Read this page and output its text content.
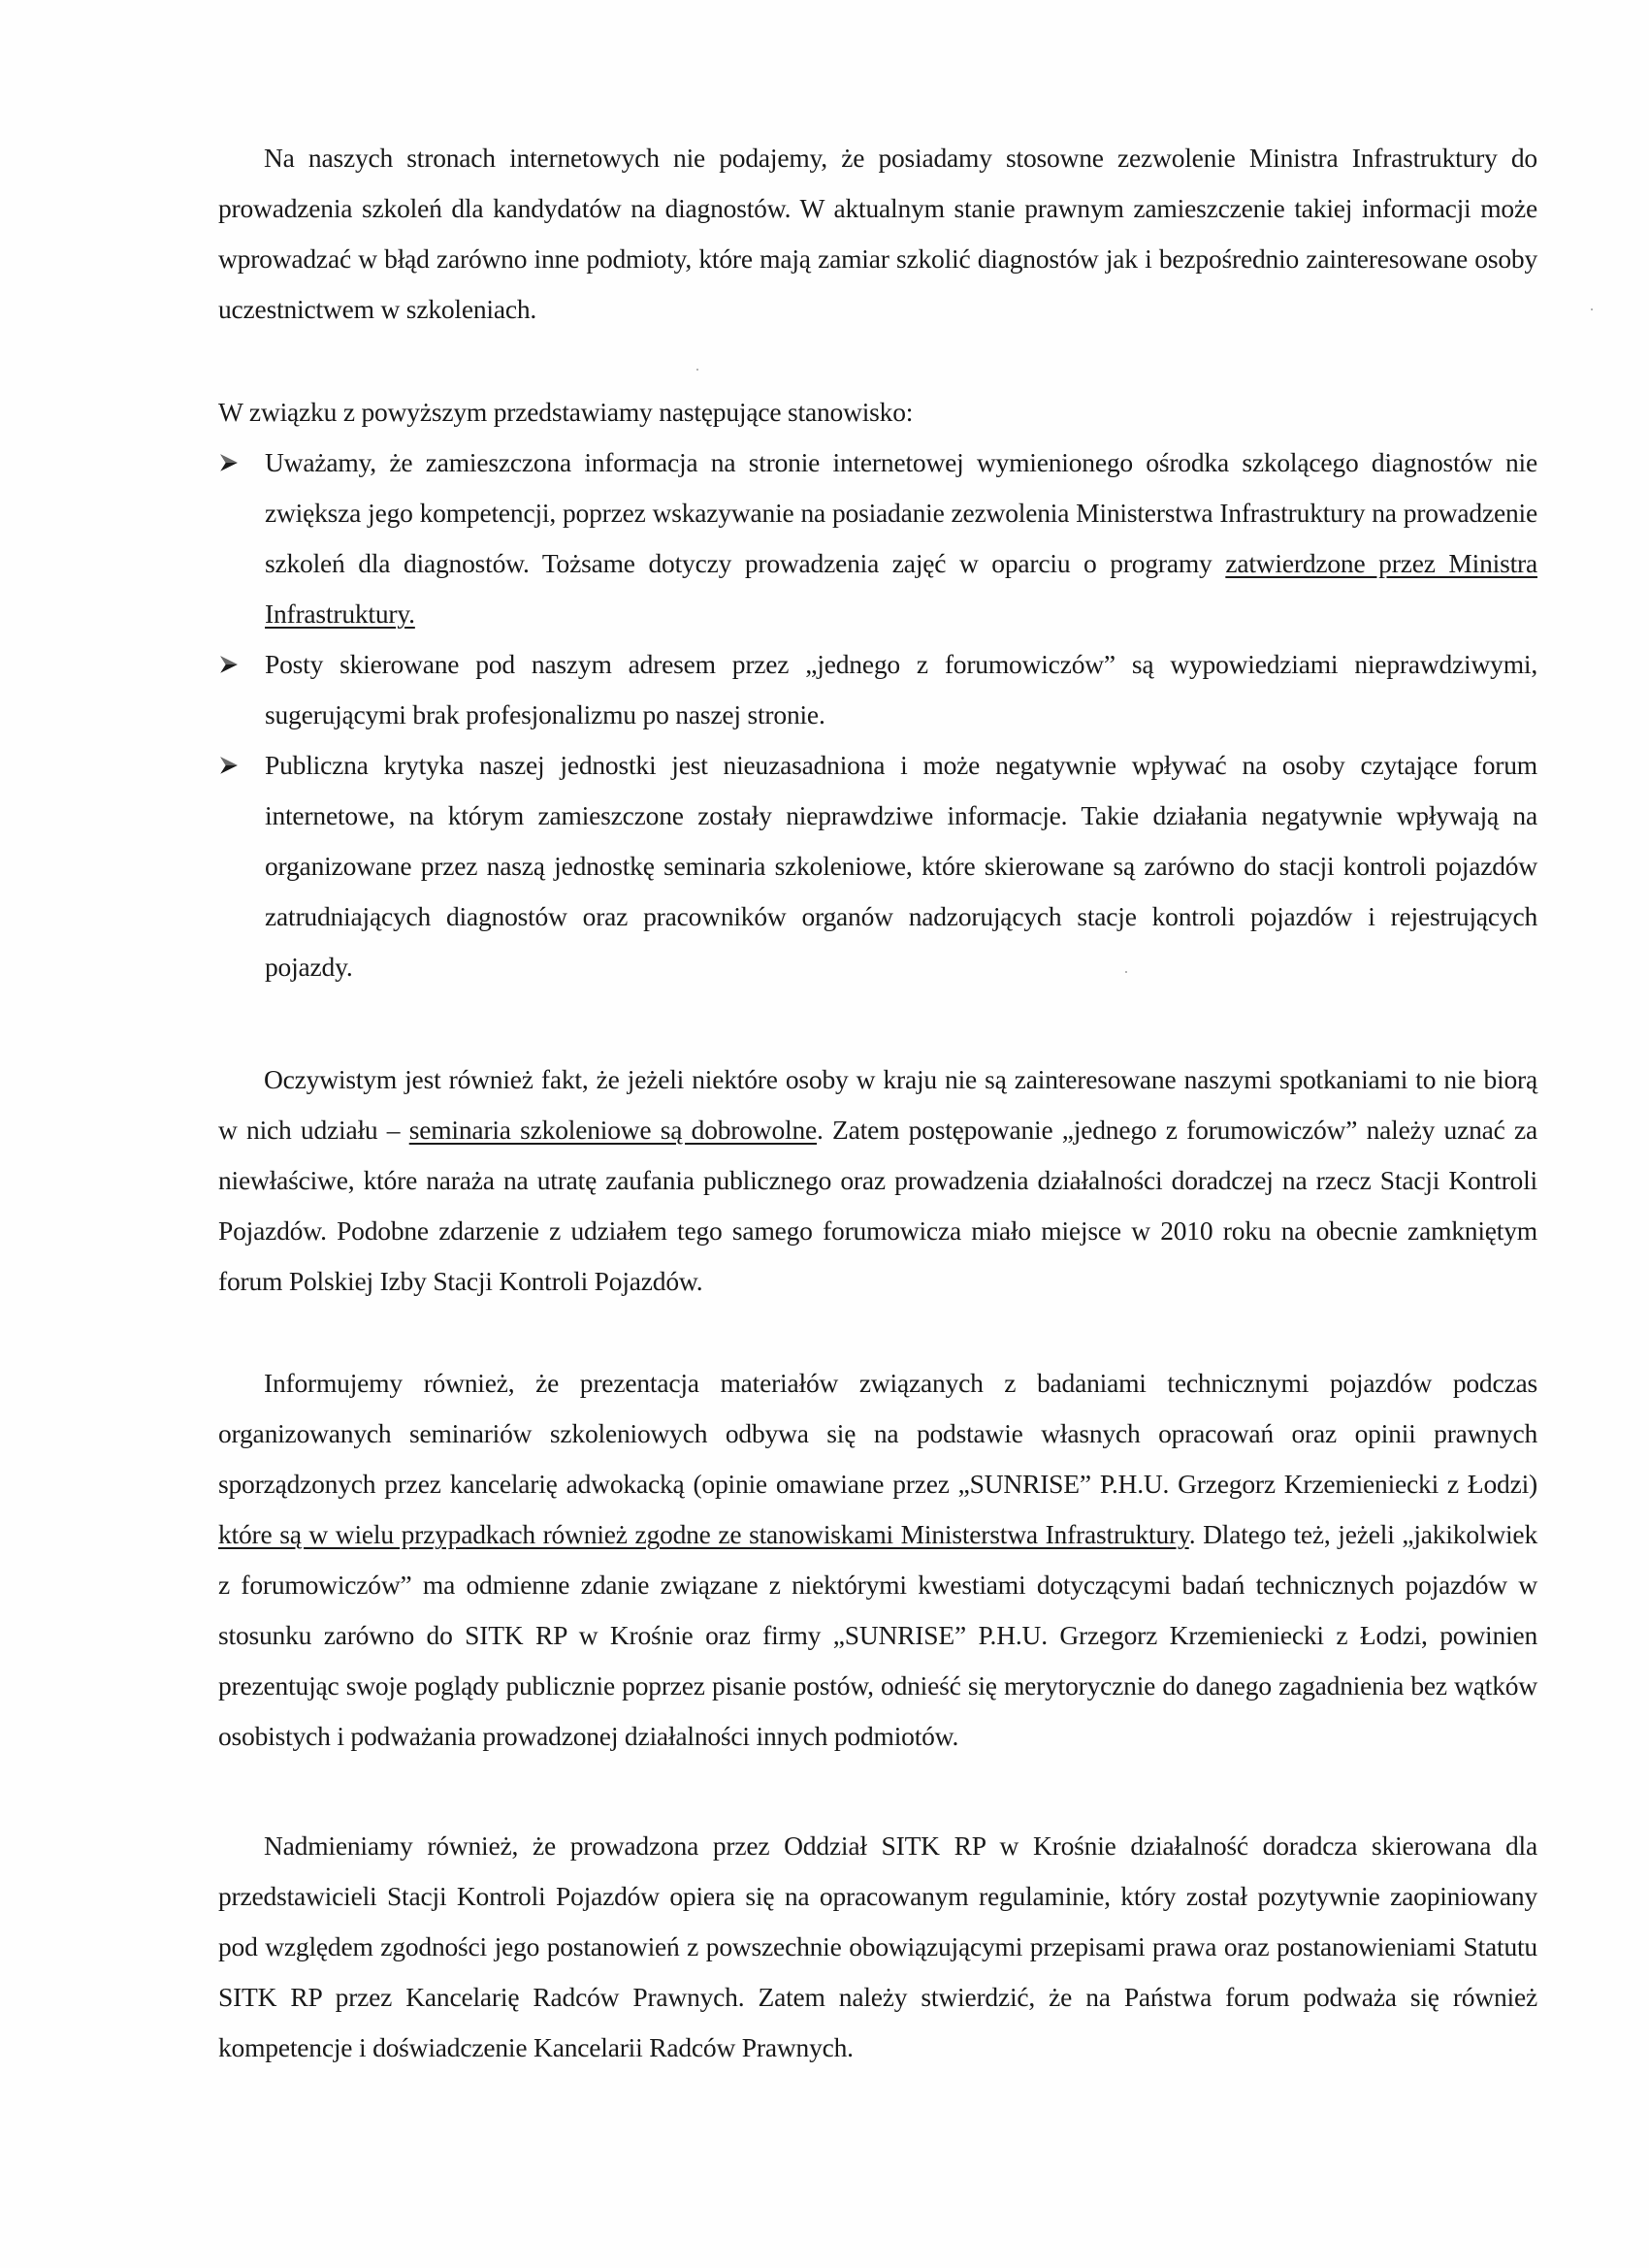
Na naszych stronach internetowych nie podajemy, że posiadamy stosowne zezwolenie Ministra Infrastruktury do prowadzenia szkoleń dla kandydatów na diagnostów. W aktualnym stanie prawnym zamieszczenie takiej informacji może wprowadzać w błąd zarówno inne podmioty, które mają zamiar szkolić diagnostów jak i bezpośrednio zainteresowane osoby uczestnictwem w szkoleniach.

W związku z powyższym przedstawiamy następujące stanowisko:

Uważamy, że zamieszczona informacja na stronie internetowej wymienionego ośrodka szkolącego diagnostów nie zwiększa jego kompetencji, poprzez wskazywanie na posiadanie zezwolenia Ministerstwa Infrastruktury na prowadzenie szkoleń dla diagnostów. Tożsame dotyczy prowadzenia zajęć w oparciu o programy zatwierdzone przez Ministra Infrastruktury.
Posty skierowane pod naszym adresem przez „jednego z forumowiczów” są wypowiedziami nieprawdziwymi, sugerującymi brak profesjonalizmu po naszej stronie.
Publiczna krytyka naszej jednostki jest nieuzasadniona i może negatywnie wpływać na osoby czytające forum internetowe, na którym zamieszczone zostały nieprawdziwe informacje. Takie działania negatywnie wpływają na organizowane przez naszą jednostkę seminaria szkoleniowe, które skierowane są zarówno do stacji kontroli pojazdów zatrudniających diagnostów oraz pracowników organów nadzorujących stacje kontroli pojazdów i rejestrujących pojazdy.

Oczywistym jest również fakt, że jeżeli niektóre osoby w kraju nie są zainteresowane naszymi spotkaniami to nie biorą w nich udziału – seminaria szkoleniowe są dobrowolne. Zatem postępowanie „jednego z forumowiczów” należy uznać za niewłaściwe, które naraża na utratę zaufania publicznego oraz prowadzenia działalności doradczej na rzecz Stacji Kontroli Pojazdów. Podobne zdarzenie z udziałem tego samego forumowicza miało miejsce w 2010 roku na obecnie zamkniętym forum Polskiej Izby Stacji Kontroli Pojazdów.

Informujemy również, że prezentacja materiałów związanych z badaniami technicznymi pojazdów podczas organizowanych seminariów szkoleniowych odbywa się na podstawie własnych opracowań oraz opinii prawnych sporządzonych przez kancelarię adwokacką (opinie omawiane przez „SUNRISE” P.H.U. Grzegorz Krzemieniecki z Łodzi) które są w wielu przypadkach również zgodne ze stanowiskami Ministerstwa Infrastruktury. Dlatego też, jeżeli „jakikolwiek z forumowiczów” ma odmienne zdanie związane z niektórymi kwestiami dotyczącymi badań technicznych pojazdów w stosunku zarówno do SITK RP w Krośnie oraz firmy „SUNRISE” P.H.U. Grzegorz Krzemieniecki z Łodzi, powinien prezentując swoje poglądy publicznie poprzez pisanie postów, odnieść się merytorycznie do danego zagadnienia bez wątków osobistych i podważania prowadzonej działalności innych podmiotów.

Nadmieniamy również, że prowadzona przez Oddział SITK RP w Krośnie działalność doradcza skierowana dla przedstawicieli Stacji Kontroli Pojazdów opiera się na opracowanym regulaminie, który został pozytywnie zaopiniowany pod względem zgodności jego postanowień z powszechnie obowiązującymi przepisami prawa oraz postanowieniami Statutu SITK RP przez Kancelarię Radców Prawnych. Zatem należy stwierdzić, że na Państwa forum podważa się również kompetencje i doświadczenie Kancelarii Radców Prawnych.
